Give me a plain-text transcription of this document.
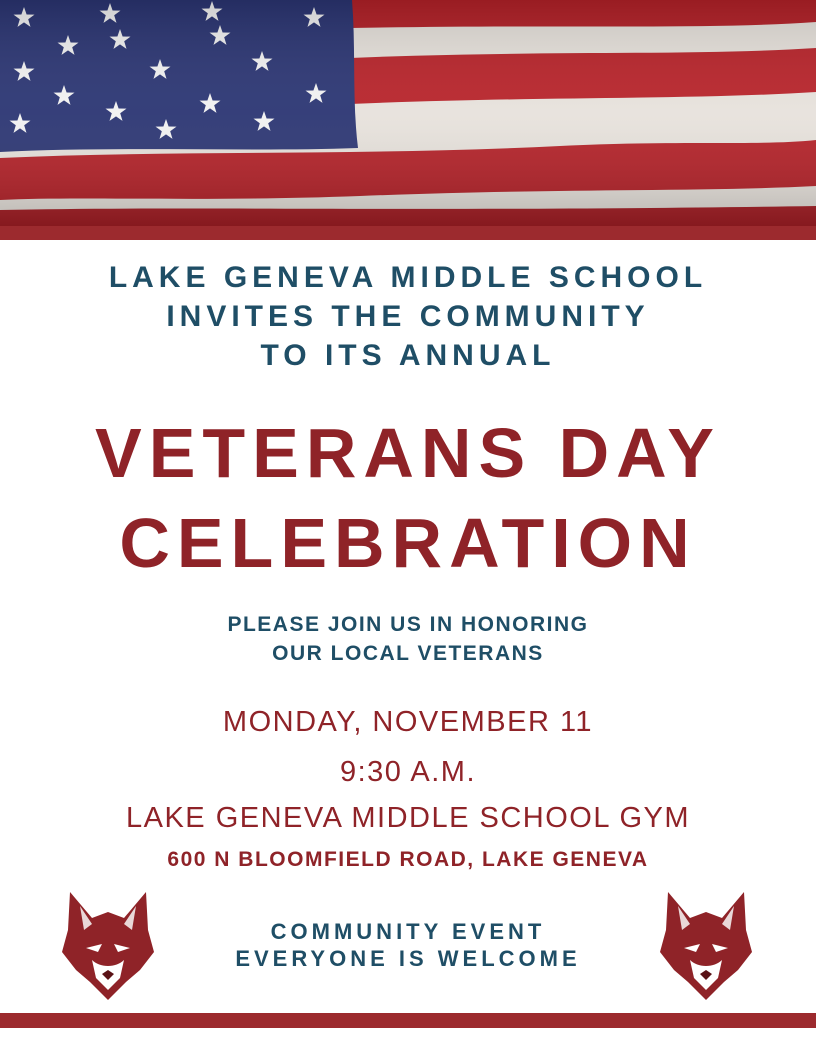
LAKE GENEVA MIDDLE SCHOOL
INVITES THE COMMUNITY
TO ITS ANNUAL
VETERANS DAY
CELEBRATION
PLEASE JOIN US IN HONORING
OUR LOCAL VETERANS
MONDAY, NOVEMBER 11
9:30 A.M.
LAKE GENEVA MIDDLE SCHOOL GYM
600 N BLOOMFIELD ROAD, LAKE GENEVA
COMMUNITY EVENT
EVERYONE IS WELCOME
